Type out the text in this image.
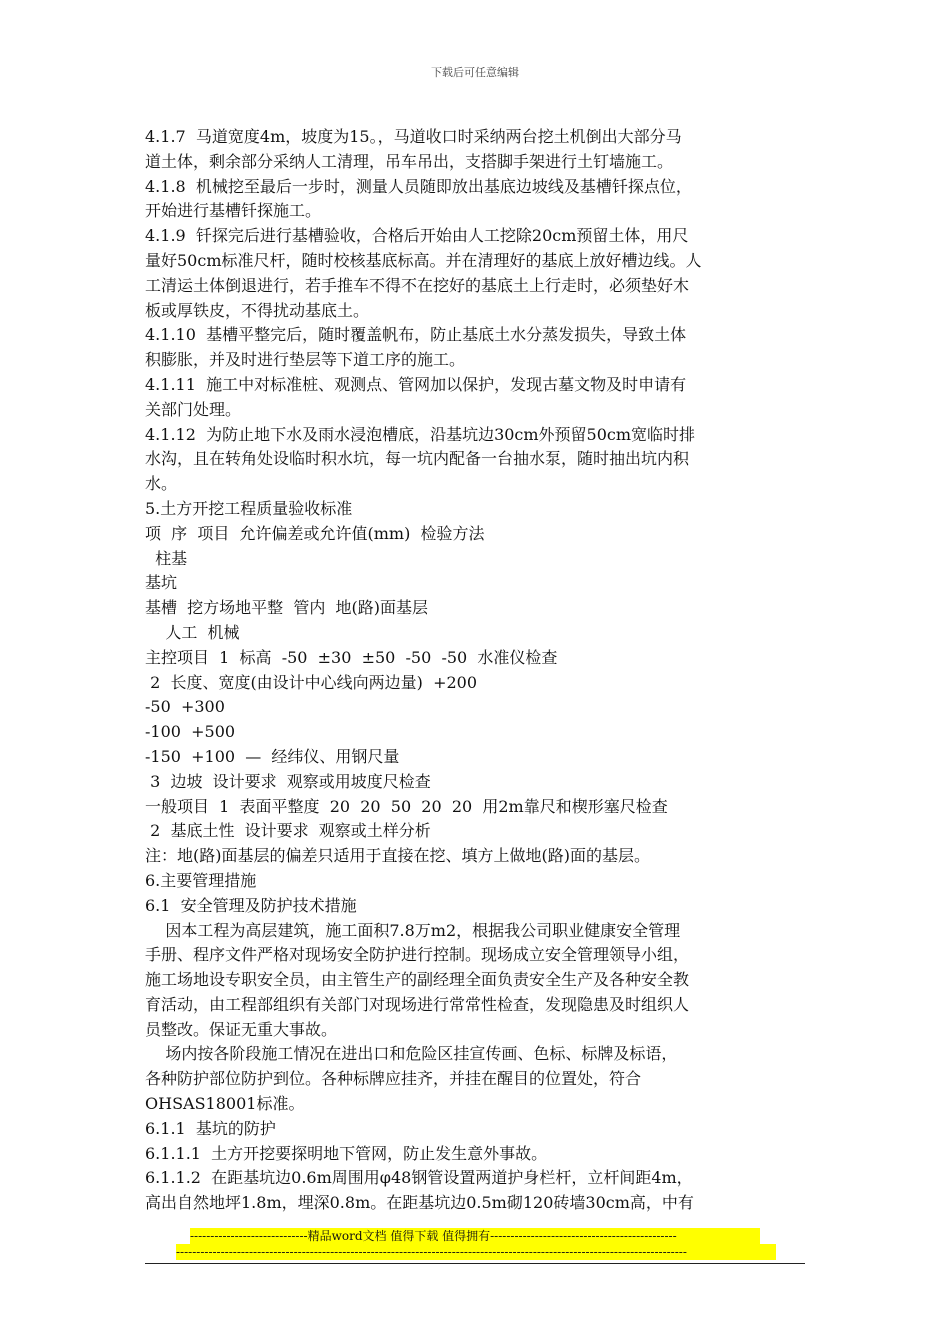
下载后可任意编辑
4.1.7  马道宽度4m，坡度为15。，马道收口时采纳两台挖土机倒出大部分马
道土体，剩余部分采纳人工清理，吊车吊出，支搭脚手架进行土钉墙施工。
4.1.8  机械挖至最后一步时，测量人员随即放出基底边坡线及基槽钎探点位，
开始进行基槽钎探施工。
4.1.9  钎探完后进行基槽验收，合格后开始由人工挖除20cm预留土体，用尺
量好50cm标准尺杆，随时校核基底标高。并在清理好的基底上放好槽边线。人
工清运土体倒退进行，若手推车不得不在挖好的基底土上行走时，必须垫好木
板或厚铁皮，不得扰动基底土。
4.1.10  基槽平整完后，随时覆盖帆布，防止基底土水分蒸发损失，导致土体
积膨胀，并及时进行垫层等下道工序的施工。
4.1.11  施工中对标准桩、观测点、管网加以保护，发现古墓文物及时申请有
关部门处理。
4.1.12  为防止地下水及雨水浸泡槽底，沿基坑边30cm外预留50cm宽临时排
水沟，且在转角处设临时积水坑，每一坑内配备一台抽水泵，随时抽出坑内积
水。
5.土方开挖工程质量验收标准
项  序  项目  允许偏差或允许值(mm)  检验方法
柱基
基坑
基槽  挖方场地平整  管内  地(路)面基层
人工  机械
主控项目  1  标高  -50  ±30  ±50  -50  -50  水准仪检查
2  长度、宽度(由设计中心线向两边量)  +200
-50  +300
-100  +500
-150  +100  —  经纬仪、用钢尺量
3  边坡  设计要求  观察或用坡度尺检查
一般项目  1  表面平整度  20  20  50  20  20  用2m靠尺和楔形塞尺检查
2  基底土性  设计要求  观察或土样分析
注：地(路)面基层的偏差只适用于直接在挖、填方上做地(路)面的基层。
6.主要管理措施
6.1  安全管理及防护技术措施
因本工程为高层建筑，施工面积7.8万m2，根据我公司职业健康安全管理
手册、程序文件严格对现场安全防护进行控制。现场成立安全管理领导小组，
施工场地设专职安全员，由主管生产的副经理全面负责安全生产及各种安全教
育活动，由工程部组织有关部门对现场进行常常性检查，发现隐患及时组织人
员整改。保证无重大事故。
场内按各阶段施工情况在进出口和危险区挂宣传画、色标、标牌及标语，
各种防护部位防护到位。各种标牌应挂齐，并挂在醒目的位置处，符合
OHSAS18001标准。
6.1.1  基坑的防护
6.1.1.1  土方开挖要探明地下管网，防止发生意外事故。
6.1.1.2  在距基坑边0.6m周围用φ48钢管设置两道护身栏杆，立杆间距4m，
高出自然地坪1.8m，埋深0.8m。在距基坑边0.5m砌120砖墙30cm高，中有
-----------------------------精品word文档 值得下载 值得拥有----------------------------------------------
------------------------------------------------------------------------------------------------------------------------------
